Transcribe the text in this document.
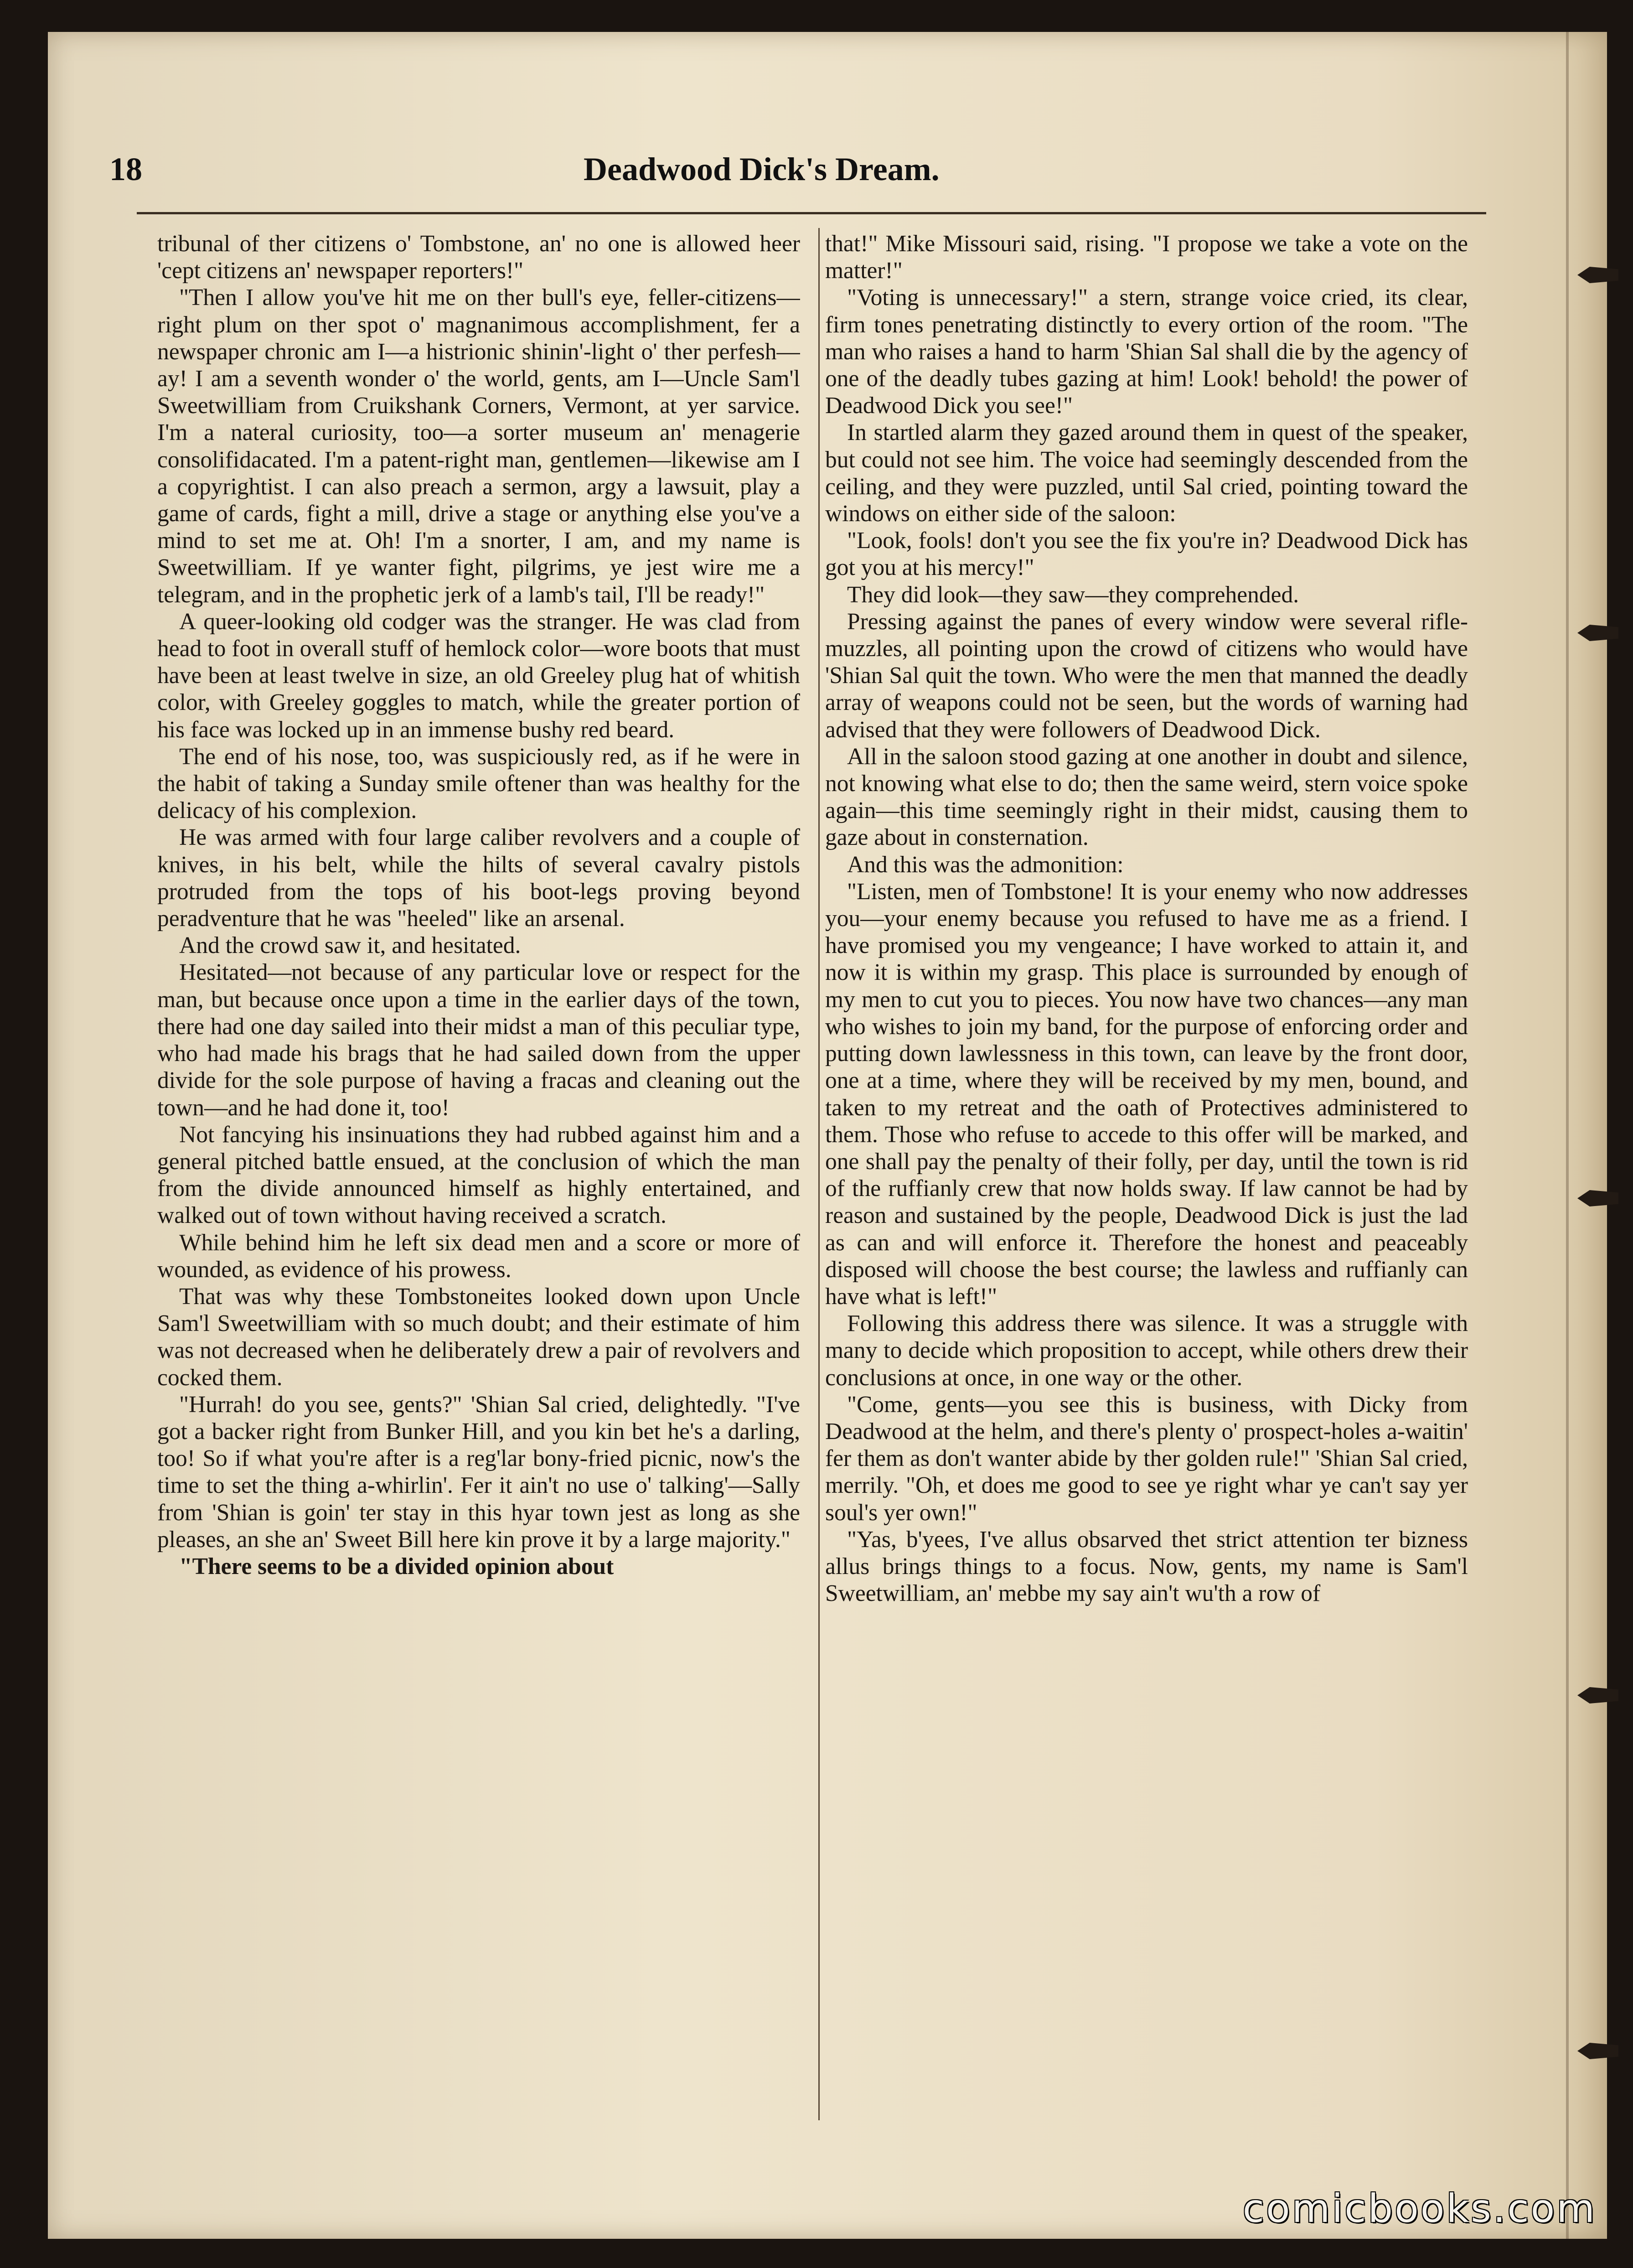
18	Deadwood Dick's Dream.

tribunal of ther citizens o' Tombstone, an' no one is allowed heer 'cept citizens an' newspaper reporters!"

"Then I allow you've hit me on ther bull's eye, feller-citizens—right plum on ther spot o' magnanimous accomplishment, fer a newspaper chronic am I—a histrionic shinin'-light o' ther perfesh—ay! I am a seventh wonder o' the world, gents, am I—Uncle Sam'l Sweetwilliam from Cruikshank Corners, Vermont, at yer sarvice. I'm a nateral curiosity, too—a sorter museum an' menagerie consolifidacated. I'm a patent-right man, gentlemen—likewise am I a copyrightist. I can also preach a sermon, argy a lawsuit, play a game of cards, fight a mill, drive a stage or anything else you've a mind to set me at. Oh! I'm a snorter, I am, and my name is Sweetwilliam. If ye wanter fight, pilgrims, ye jest wire me a telegram, and in the prophetic jerk of a lamb's tail, I'll be ready!"

A queer-looking old codger was the stranger. He was clad from head to foot in overall stuff of hemlock color—wore boots that must have been at least twelve in size, an old Greeley plug hat of whitish color, with Greeley goggles to match, while the greater portion of his face was locked up in an immense bushy red beard.

The end of his nose, too, was suspiciously red, as if he were in the habit of taking a Sunday smile oftener than was healthy for the delicacy of his complexion.

He was armed with four large caliber revolvers and a couple of knives, in his belt, while the hilts of several cavalry pistols protruded from the tops of his boot-legs proving beyond peradventure that he was "heeled" like an arsenal.

And the crowd saw it, and hesitated.

Hesitated—not because of any particular love or respect for the man, but because once upon a time in the earlier days of the town, there had one day sailed into their midst a man of this peculiar type, who had made his brags that he had sailed down from the upper divide for the sole purpose of having a fracas and cleaning out the town—and he had done it, too!

Not fancying his insinuations they had rubbed against him and a general pitched battle ensued, at the conclusion of which the man from the divide announced himself as highly entertained, and walked out of town without having received a scratch.

While behind him he left six dead men and a score or more of wounded, as evidence of his prowess.

That was why these Tombstoneites looked down upon Uncle Sam'l Sweetwilliam with so much doubt; and their estimate of him was not decreased when he deliberately drew a pair of revolvers and cocked them.

"Hurrah! do you see, gents?" 'Shian Sal cried, delightedly. "I've got a backer right from Bunker Hill, and you kin bet he's a darling, too! So if what you're after is a reg'lar bony-fried picnic, now's the time to set the thing a-whirlin'. Fer it ain't no use o' talking'—Sally from 'Shian is goin' ter stay in this hyar town jest as long as she pleases, an she an' Sweet Bill here kin prove it by a large majority."

"There seems to be a divided opinion about

that!" Mike Missouri said, rising. "I propose we take a vote on the matter!"

"Voting is unnecessary!" a stern, strange voice cried, its clear, firm tones penetrating distinctly to every ortion of the room. "The man who raises a hand to harm 'Shian Sal shall die by the agency of one of the deadly tubes gazing at him! Look! behold! the power of Deadwood Dick you see!"

In startled alarm they gazed around them in quest of the speaker, but could not see him. The voice had seemingly descended from the ceiling, and they were puzzled, until Sal cried, pointing toward the windows on either side of the saloon:

"Look, fools! don't you see the fix you're in? Deadwood Dick has got you at his mercy!"

They did look—they saw—they comprehended.

Pressing against the panes of every window were several rifle-muzzles, all pointing upon the crowd of citizens who would have 'Shian Sal quit the town. Who were the men that manned the deadly array of weapons could not be seen, but the words of warning had advised that they were followers of Deadwood Dick.

All in the saloon stood gazing at one another in doubt and silence, not knowing what else to do; then the same weird, stern voice spoke again—this time seemingly right in their midst, causing them to gaze about in consternation.

And this was the admonition:

"Listen, men of Tombstone! It is your enemy who now addresses you—your enemy because you refused to have me as a friend. I have promised you my vengeance; I have worked to attain it, and now it is within my grasp. This place is surrounded by enough of my men to cut you to pieces. You now have two chances—any man who wishes to join my band, for the purpose of enforcing order and putting down lawlessness in this town, can leave by the front door, one at a time, where they will be received by my men, bound, and taken to my retreat and the oath of Protectives administered to them. Those who refuse to accede to this offer will be marked, and one shall pay the penalty of their folly, per day, until the town is rid of the ruffianly crew that now holds sway. If law cannot be had by reason and sustained by the people, Deadwood Dick is just the lad as can and will enforce it. Therefore the honest and peaceably disposed will choose the best course; the lawless and ruffianly can have what is left!"

Following this address there was silence. It was a struggle with many to decide which proposition to accept, while others drew their conclusions at once, in one way or the other.

"Come, gents—you see this is business, with Dicky from Deadwood at the helm, and there's plenty o' prospect-holes a-waitin' fer them as don't wanter abide by ther golden rule!" 'Shian Sal cried, merrily. "Oh, et does me good to see ye right whar ye can't say yer soul's yer own!"

"Yas, b'yees, I've allus obsarved thet strict attention ter bizness allus brings things to a focus. Now, gents, my name is Sam'l Sweetwilliam, an' mebbe my say ain't wu'th a row of

comicbooks.com
